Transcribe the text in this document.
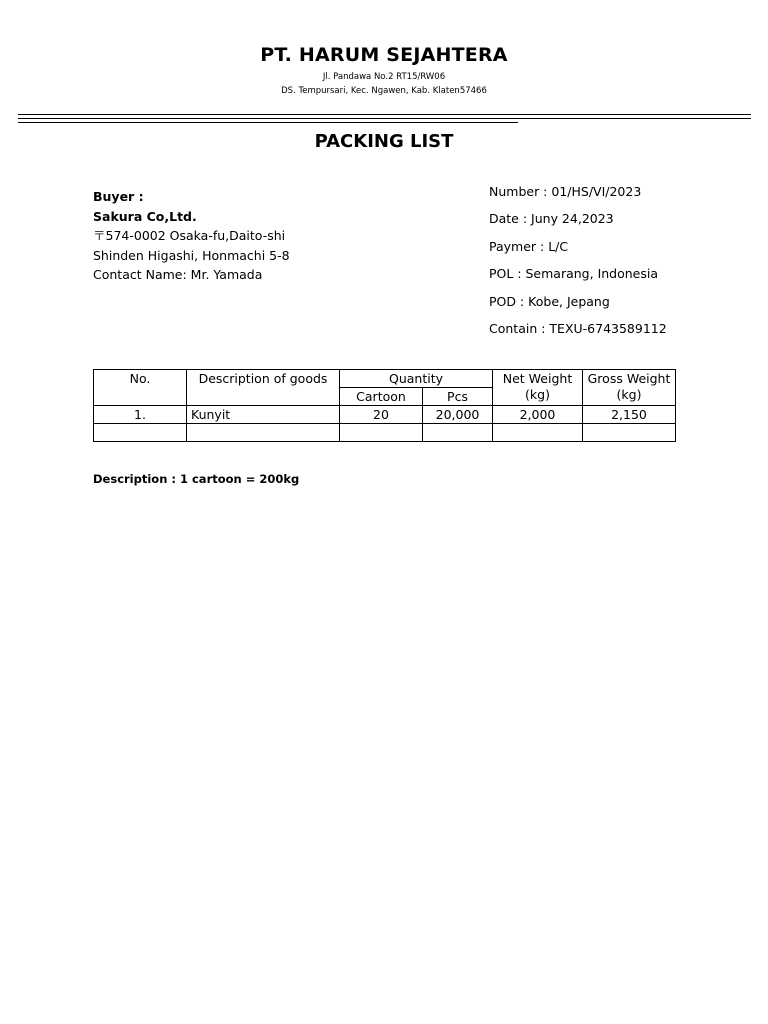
PT. HARUM SEJAHTERA
Jl. Pandawa No.2 RT15/RW06
DS. Tempursari, Kec. Ngawen, Kab. Klaten57466
PACKING LIST
Buyer :
Sakura Co,Ltd.
〒574-0002 Osaka-fu,Daito-shi
Shinden Higashi, Honmachi 5-8
Contact Name: Mr. Yamada
Number : 01/HS/VI/2023
Date : Juny 24,2023
Paymer : L/C
POL : Semarang, Indonesia
POD : Kobe, Jepang
Contain : TEXU-6743589112
No.	Description of goods	Quantity		Net Weight (kg)	Gross Weight (kg)
		Cartoon	Pcs		
1.	Kunyit	20	20,000	2,000	2,150

Description : 1 cartoon = 200kg
